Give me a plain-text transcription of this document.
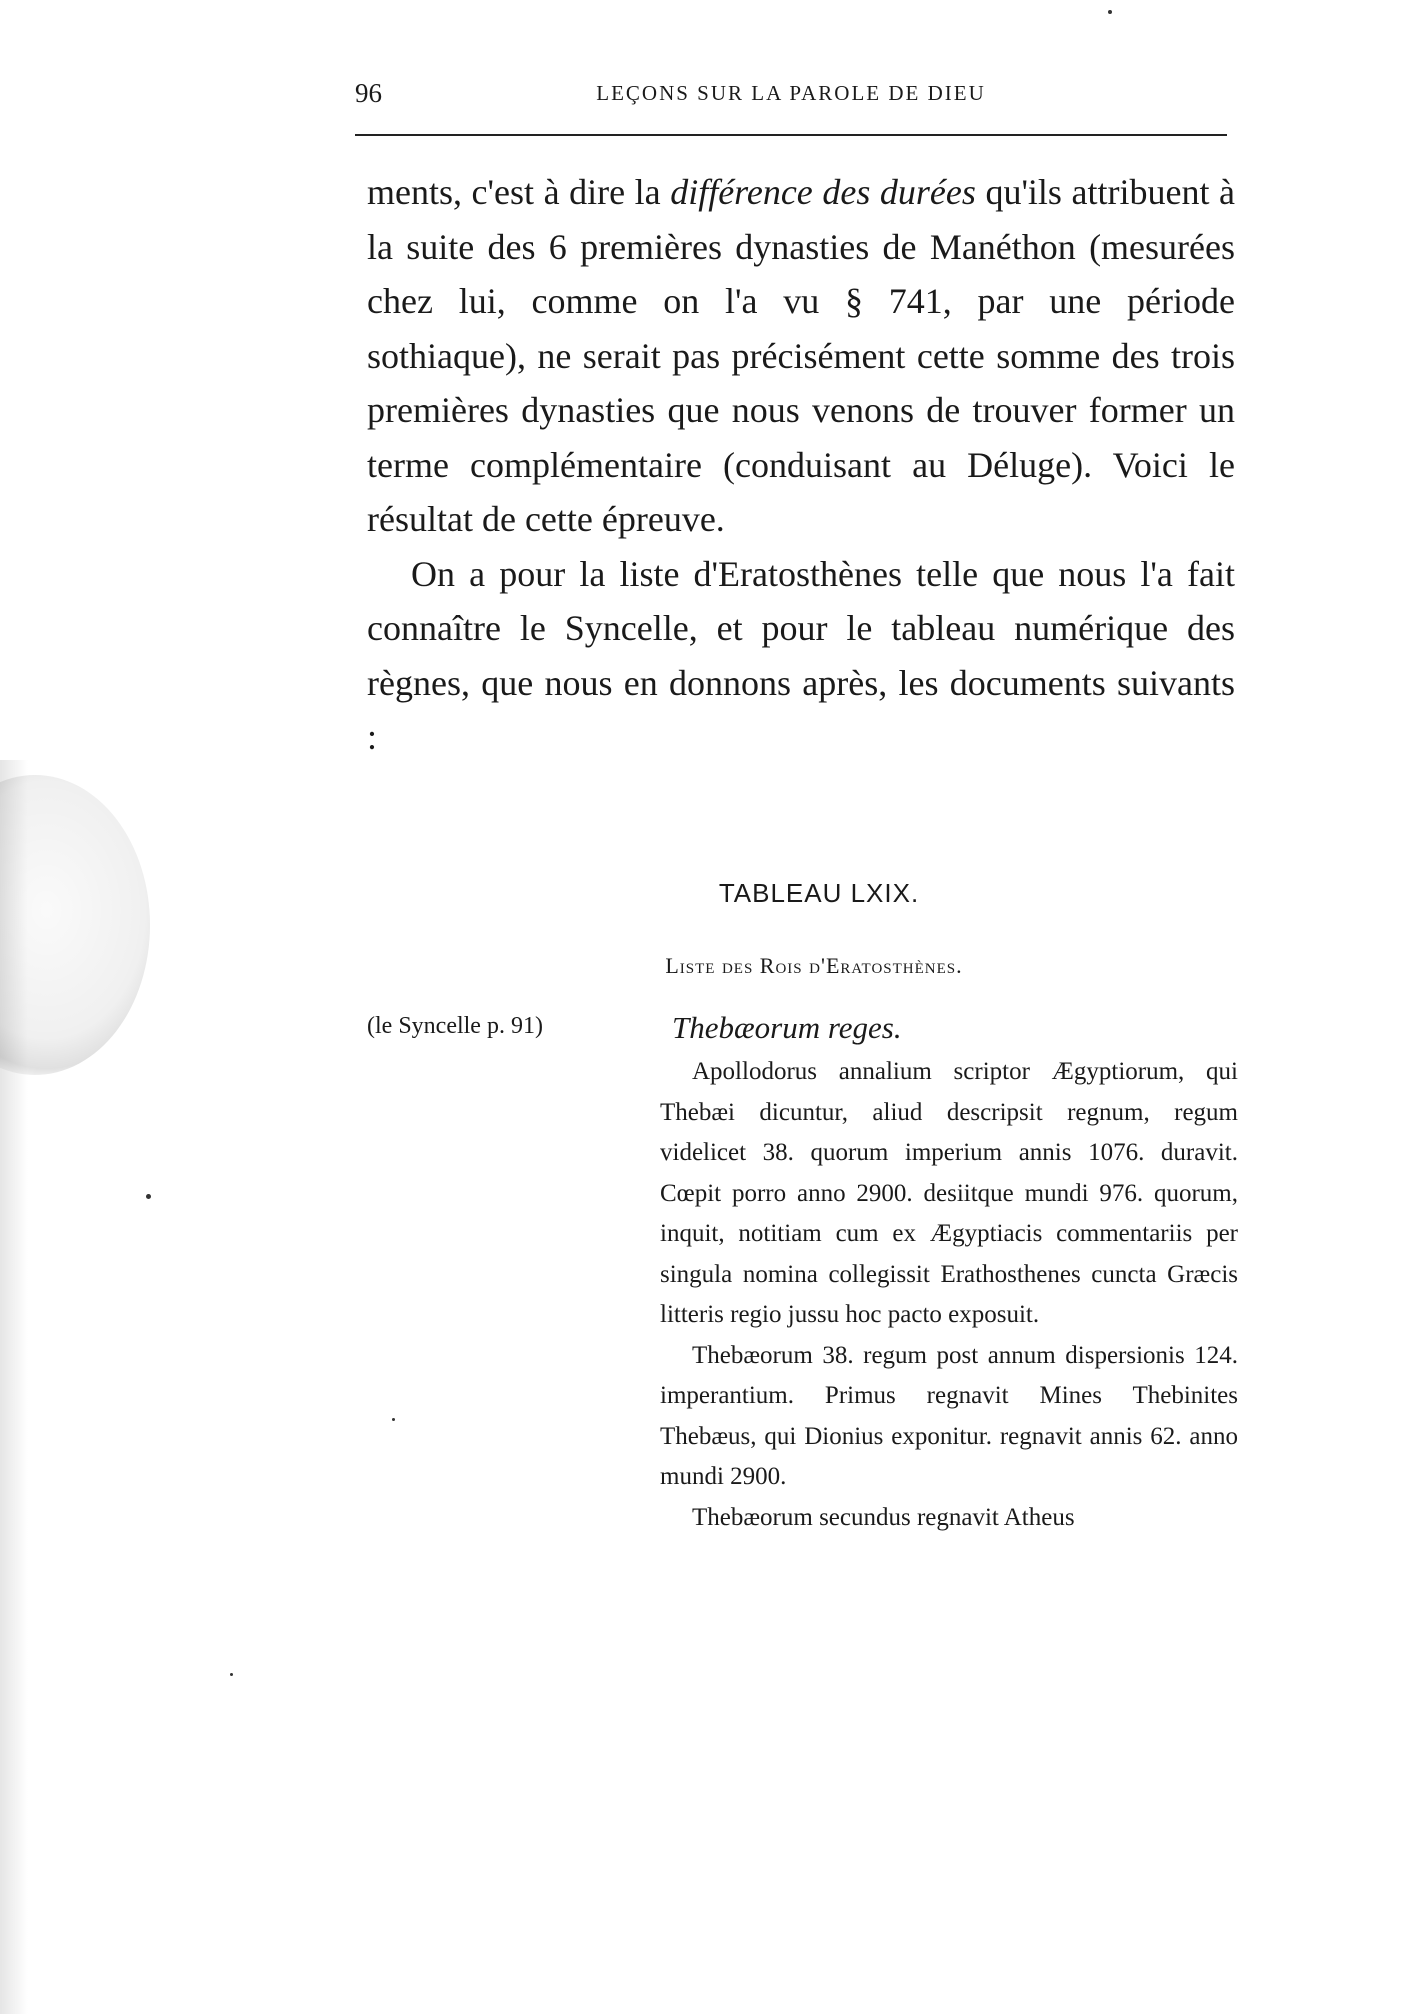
96	LEÇONS SUR LA PAROLE DE DIEU

ments, c'est à dire la différence des durées qu'ils attribuent à la suite des 6 premières dynasties de Manéthon (mesurées chez lui, comme on l'a vu § 741, par une période sothiaque), ne serait pas précisément cette somme des trois premières dynasties que nous venons de trouver former un terme complémentaire (conduisant au Déluge). Voici le résultat de cette épreuve.

On a pour la liste d'Eratosthènes telle que nous l'a fait connaître le Syncelle, et pour le tableau numérique des règnes, que nous en donnons après, les documents suivants :

TABLEAU LXIX.
Liste des Rois d'Eratosthènes.
(le Syncelle p. 91)	Thebæorum reges.

Apollodorus annalium scriptor Ægyptiorum, qui Thebæi dicuntur, aliud descripsit regnum, regum videlicet 38. quorum imperium annis 1076. duravit. Cœpit porro anno 2900. desiitque mundi 976. quorum, inquit, notitiam cum ex Ægyptiacis commentariis per singula nomina collegissit Erathosthenes cuncta Græcis litteris regio jussu hoc pacto exposuit.

Thebæorum 38. regum post annum dispersionis 124. imperantium. Primus regnavit Mines Thebinites Thebæus, qui Dionius exponitur. regnavit annis 62. anno mundi 2900.

Thebæorum secundus regnavit Atheus
